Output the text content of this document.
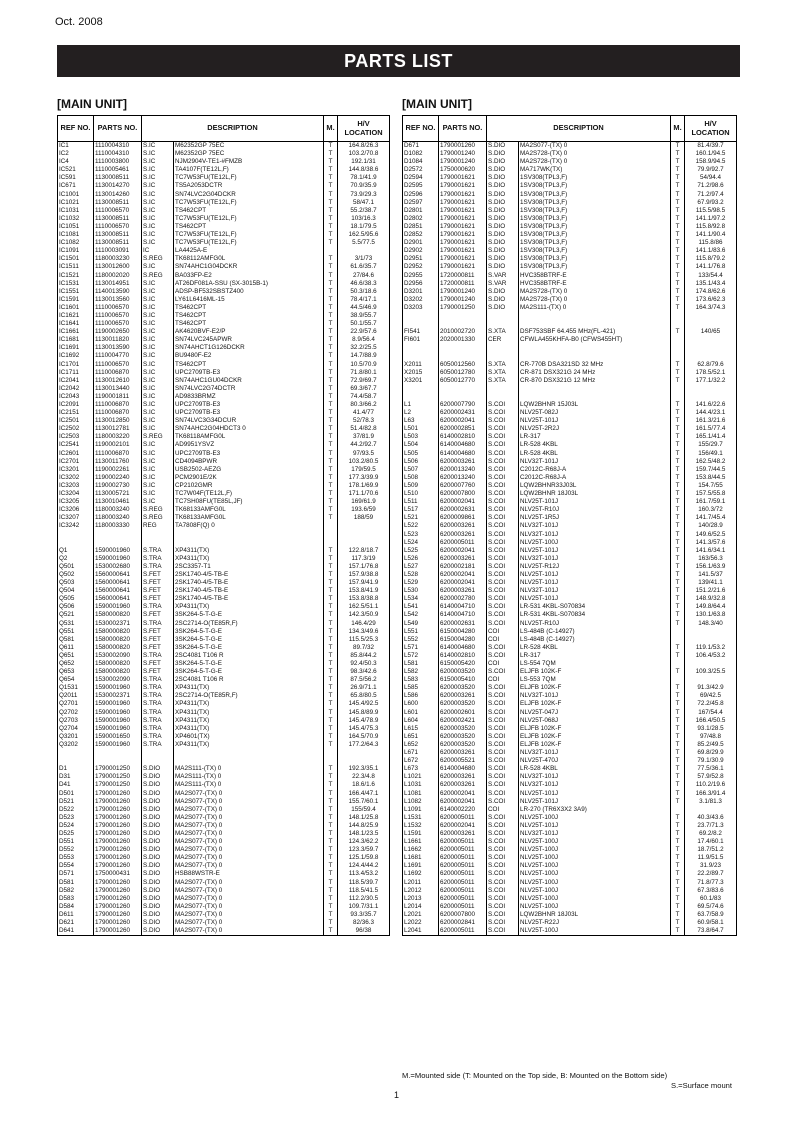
Oct. 2008
PARTS LIST
[MAIN UNIT]	[MAIN UNIT]
REF NO.	PARTS NO.	DESCRIPTION		M.	H/V LOCATION
IC1	1110004310	S.IC	M62352GP 75EC	T	164.8/26.3
IC2	1110004310	S.IC	M62352GP 75EC	T	103.2/70.8
IC4	1110003800	S.IC	NJM2904V-TE1-#FMZB	T	192.1/31
IC521	1110005461	S.IC	TA4107F(TE12L,F)	T	144.8/38.6
IC591	1130008511	S.IC	TC7W53FU(TE12L,F)	T	78.1/41.9
IC671	1130014270	S.IC	TS5A2053DCTR	T	70.9/35.9
IC1001	1130014260	S.IC	SN74LVC2G04DCKR	T	73.9/29.3
IC1021	1130008511	S.IC	TC7W53FU(TE12L,F)	T	58/47.1
IC1031	1110006570	S.IC	TS462CPT	T	55.2/38.7
IC1032	1130008511	S.IC	TC7W53FU(TE12L,F)	T	103/16.3
IC1051	1110006570	S.IC	TS462CPT	T	18.1/79.5
IC1081	1130008511	S.IC	TC7W53FU(TE12L,F)	T	162.5/95.6
IC1082	1130008511	S.IC	TC7W53FU(TE12L,F)	T	5.5/77.5
IC1091	1110003091	IC	LA4425A-E		
IC1501	1180003230	S.REG	TK68112AMFG0L	T	3/1/73
IC1511	1130012600	S.IC	SN74AHC1G04DCKR	T	61.6/35.7
IC1521	1180002020	S.REG	BA033FP-E2	T	27/84.6
IC1531	1130014951	S.IC	AT26DF081A-SSU (SX-3015B-1)	T	46.6/38.3
IC1551	1140013590	S.IC	ADSP-BF532SBSTZ400	T	50.3/18.6
IC1591	1130013560	S.IC	LY61L6416ML-15	T	78.4/17.1
IC1601	1110006570	S.IC	TS462CPT	T	44.5/46.9
IC1621	1110006570	S.IC	TS462CPT	T	38.9/55.7
IC1641	1110006570	S.IC	TS462CPT	T	50.1/55.7
IC1661	1190002650	S.IC	AK4620BVF-E2/P	T	22.9/57.6
IC1681	1130011820	S.IC	SN74LVC245APWR	T	8.9/56.4
IC1691	1130013590	S.IC	SN74AHCT1G126DCKR	T	32.2/25.5
IC1692	1110004770	S.IC	BU9480F-E2	T	14.7/88.9
IC1701	1110006570	S.IC	TS462CPT	T	10.5/70.9
IC1711	1110006870	S.IC	UPC2709TB-E3	T	71.8/80.1
IC2041	1130012610	S.IC	SN74AHC1GU04DCKR	T	72.9/69.7
IC2042	1130013440	S.IC	SN74LVC2G74DCTR	T	69.3/67.7
IC2043	1190001811	S.IC	AD9833BRMZ	T	74.4/58.7
IC2091	1110006870	S.IC	UPC2709TB-E3	T	80.3/66.2
IC2151	1110006870	S.IC	UPC2709TB-E3	T	41.4/77
IC2501	1130012850	S.IC	SN74LVC3G34DCUR	T	52/78.3
IC2502	1130012781	S.IC	SN74AHC2G04HDCT3 0	T	51.4/82.8
IC2503	1180003220	S.REG	TK68118AMFG0L	T	37/81.9
IC2541	1190002101	S.IC	AD9951YSVZ	T	44.2/92.7
IC2601	1110006870	S.IC	UPC2709TB-E3	T	97/93.5
IC2701	1130011760	S.IC	CD4094BPWR	T	103.2/80.5
IC3201	1190002261	S.IC	USB2502-AEZG	T	179/59.5
IC3202	1190002240	S.IC	PCM2901E/2K	T	177.3/39.9
IC3203	1190002730	S.IC	CP2102GMR	T	178.1/69.9
IC3204	1130005721	S.IC	TC7W04F(TE12L,F)	T	171.1/70.6
IC3205	1130010461	S.IC	TC7SH08FU(TE85L,JF)	T	169/61.9
IC3206	1180003240	S.REG	TK68133AMFG0L	T	193.6/59
IC3207	1180003240	S.REG	TK68133AMFG0L	T	188/59
IC3242	1180003330	REG	TA7808F(Q) 0		

Q1	1590001960	S.TRA	XP4311(TX)	T	122.8/18.7
Q2	1590001960	S.TRA	XP4311(TX)	T	117.3/19
Q501	1530002680	S.TRA	2SC3357-T1	T	157.1/76.8
Q502	1560000641	S.FET	2SK1740-4/5-TB-E	T	157.9/38.8
Q503	1560000641	S.FET	2SK1740-4/5-TB-E	T	157.9/41.9
Q504	1560000641	S.FET	2SK1740-4/5-TB-E	T	153.8/41.9
Q505	1560000641	S.FET	2SK1740-4/5-TB-E	T	153.8/38.8
Q506	1590001960	S.TRA	XP4311(TX)	T	162.5/51.1
Q521	1580000820	S.FET	3SK264-5-T-G-E	T	142.3/50.9
Q531	1530002371	S.TRA	2SC2714-O(TE85R,F)	T	146.4/29
Q551	1580000820	S.FET	3SK264-5-T-G-E	T	134.3/49.6
Q581	1580000820	S.FET	3SK264-5-T-G-E	T	115.5/25.3
Q611	1580000820	S.FET	3SK264-5-T-G-E	T	89.7/32
Q651	1530002090	S.TRA	2SC4081 T106 R	T	85.8/44.2
Q652	1580000820	S.FET	3SK264-5-T-G-E	T	92.4/50.3
Q653	1580000820	S.FET	3SK264-5-T-G-E	T	98.3/42.6
Q654	1530002090	S.TRA	2SC4081 T106 R	T	87.5/56.2
Q1531	1590001960	S.TRA	XP4311(TX)	T	26.9/71.1
Q2011	1530002371	S.TRA	2SC2714-O(TE85R,F)	T	65.8/80.5
Q2701	1590001960	S.TRA	XP4311(TX)	T	145.4/92.5
Q2702	1590001960	S.TRA	XP4311(TX)	T	145.8/89.9
Q2703	1590001960	S.TRA	XP4311(TX)	T	145.4/78.9
Q2704	1590001960	S.TRA	XP4311(TX)	T	145.4/75.3
Q3201	1590001650	S.TRA	XP4601(TX)	T	164.5/70.9
Q3202	1590001960	S.TRA	XP4311(TX)	T	177.2/64.3

D1	1790001250	S.DIO	MA2S111-(TX) 0	T	192.3/35.1
D31	1790001250	S.DIO	MA2S111-(TX) 0	T	22.3/4.8
D41	1790001250	S.DIO	MA2S111-(TX) 0	T	18.6/1.6
D501	1790001260	S.DIO	MA2S077-(TX) 0	T	166.4/47.1
D521	1790001260	S.DIO	MA2S077-(TX) 0	T	155.7/60.1
D522	1790001260	S.DIO	MA2S077-(TX) 0	T	155/59.4
D523	1790001260	S.DIO	MA2S077-(TX) 0	T	148.1/25.8
D524	1790001260	S.DIO	MA2S077-(TX) 0	T	144.8/25.9
D525	1790001260	S.DIO	MA2S077-(TX) 0	T	148.1/23.5
D551	1790001260	S.DIO	MA2S077-(TX) 0	T	124.3/62.2
D552	1790001260	S.DIO	MA2S077-(TX) 0	T	123.3/59.7
D553	1790001260	S.DIO	MA2S077-(TX) 0	T	125.1/59.8
D554	1790001260	S.DIO	MA2S077-(TX) 0	T	124.4/44.2
D571	1750000431	S.DIO	HSB88WSTR-E	T	113.4/53.2
D581	1790001260	S.DIO	MA2S077-(TX) 0	T	118.5/39.7
D582	1790001260	S.DIO	MA2S077-(TX) 0	T	118.5/41.5
D583	1790001260	S.DIO	MA2S077-(TX) 0	T	112.2/30.5
D584	1790001260	S.DIO	MA2S077-(TX) 0	T	109.7/31.1
D611	1790001260	S.DIO	MA2S077-(TX) 0	T	93.3/35.7
D621	1790001260	S.DIO	MA2S077-(TX) 0	T	82/36.3
D641	1790001260	S.DIO	MA2S077-(TX) 0	T	96/38
REF NO.	PARTS NO.	DESCRIPTION		M.	H/V LOCATION
D671	1790001260	S.DIO	MA2S077-(TX) 0	T	81.4/39.7
D1082	1790001240	S.DIO	MA2S728-(TX) 0	T	160.1/94.5
D1084	1790001240	S.DIO	MA2S728-(TX) 0	T	158.9/94.5
D2572	1750000620	S.DIO	MA717WK(TX)	T	79.9/92.7
D2594	1790001621	S.DIO	1SV308(TPL3,F)	T	54/94.4
D2595	1790001621	S.DIO	1SV308(TPL3,F)	T	71.2/98.6
D2596	1790001621	S.DIO	1SV308(TPL3,F)	T	71.2/97.4
D2597	1790001621	S.DIO	1SV308(TPL3,F)	T	67.9/93.2
D2801	1790001621	S.DIO	1SV308(TPL3,F)	T	115.5/98.5
D2802	1790001621	S.DIO	1SV308(TPL3,F)	T	141.1/97.2
D2851	1790001621	S.DIO	1SV308(TPL3,F)	T	115.8/92.8
D2852	1790001621	S.DIO	1SV308(TPL3,F)	T	141.1/90.4
D2901	1790001621	S.DIO	1SV308(TPL3,F)	T	115.8/86
D2902	1790001621	S.DIO	1SV308(TPL3,F)	T	141.1/83.6
D2951	1790001621	S.DIO	1SV308(TPL3,F)	T	115.8/79.2
D2952	1790001621	S.DIO	1SV308(TPL3,F)	T	141.1/76.8
D2955	1720000811	S.VAR	HVC358BTRF-E	T	133/54.4
D2956	1720000811	S.VAR	HVC358BTRF-E	T	135.1/43.4
D3201	1790001240	S.DIO	MA2S728-(TX) 0	T	174.8/62.6
D3202	1790001240	S.DIO	MA2S728-(TX) 0	T	173.6/62.3
D3203	1790001250	S.DIO	MA2S111-(TX) 0	T	164.3/74.3

FI541	2010002720	S.XTA	DSF753SBF 64.455 MHz(FL-421)	T	140/65
FI601	2020001330	CER	CFWLA455KHFA-B0 (CFWS455HT)		

X2011	6050012560	S.XTA	CR-770B DSA321SD 32 MHz	T	62.8/79.6
X2015	6050012780	S.XTA	CR-871 DSX321G 24 MHz	T	178.5/52.1
X3201	6050012770	S.XTA	CR-870 DSX321G 12 MHz	T	177.1/32.2

L1	6200007790	S.COI	LQW2BHNR 15J03L	T	141.6/22.6
L2	6200002431	S.COI	NLV25T-082J	T	144.4/23.1
L63	6200002041	S.COI	NLV25T-101J	T	161.3/21.6
L501	6200002851	S.COI	NLV25T-2R2J	T	161.5/77.4
L503	6140002810	S.COI	LR-317	T	165.1/41.4
L504	6140004680	S.COI	LR-528 4KBL	T	155/29.7
L505	6140004680	S.COI	LR-528 4KBL	T	156/49.1
L506	6200003261	S.COI	NLV32T-101J	T	162.5/48.2
L507	6200013240	S.COI	C2012C-R68J-A	T	159.7/44.5
L508	6200013240	S.COI	C2012C-R68J-A	T	153.8/44.5
L509	6200007760	S.COI	LQW2BHNR33J03L	T	154.7/55
L510	6200007800	S.COI	LQW2BHNR 18J03L	T	157.5/55.8
L511	6200002041	S.COI	NLV25T-101J	T	161.7/59.1
L517	6200002631	S.COI	NLV25T-R10J	T	160.3/72
L521	6200009861	S.COI	NLV25T-1R5J	T	141.7/45.4
L522	6200003261	S.COI	NLV32T-101J	T	140/28.9
L523	6200003261	S.COI	NLV32T-101J	T	149.6/52.5
L524	6200005011	S.COI	NLV25T-100J	T	141.3/57.6
L525	6200002041	S.COI	NLV25T-101J	T	141.6/34.1
L526	6200003261	S.COI	NLV32T-101J	T	163/56.3
L527	6200002181	S.COI	NLV25T-R12J	T	156.1/63.9
L528	6200002041	S.COI	NLV25T-101J	T	141.5/37
L529	6200002041	S.COI	NLV25T-101J	T	139/41.1
L530	6200003261	S.COI	NLV32T-101J	T	151.2/21.6
L534	6200002780	S.COI	NLV25T-101J	T	148.9/32.8
L541	6140004710	S.COI	LR-531 4KBL-S070834	T	149.8/64.4
L542	6140004710	S.COI	LR-531 4KBL-S070834	T	130.1/63.8
L549	6200002631	S.COI	NLV25T-R10J	T	148.3/40
L551	6150004280	COI	LS-484B (C-14927)		
L552	6150004280	COI	LS-484B (C-14927)		
L571	6140004680	S.COI	LR-528 4KBL	T	119.1/53.2
L572	6140002810	S.COI	LR-317	T	106.4/53.2
L581	6150005420	COI	LS-554 7QM		
L582	6200003520	S.COI	ELJFB 102K-F	T	109.3/25.5
L583	6150005410	COI	LS-553 7QM		
L585	6200003520	S.COI	ELJFB 102K-F	T	91.3/42.9
L586	6200003261	S.COI	NLV32T-101J	T	69/42.5
L600	6200003520	S.COI	ELJFB 102K-F	T	72.2/45.8
L601	6200002601	S.COI	NLV25T-047J	T	167/54.4
L604	6200002421	S.COI	NLV25T-068J	T	166.4/50.5
L615	6200003520	S.COI	ELJFB 102K-F	T	93.1/28.5
L651	6200003520	S.COI	ELJFB 102K-F	T	97/48.8
L652	6200003520	S.COI	ELJFB 102K-F	T	85.2/49.5
L671	6200003261	S.COI	NLV32T-101J	T	69.8/29.9
L672	6200005521	S.COI	NLV25T-470J	T	79.1/30.9
L673	6140004680	S.COI	LR-528 4KBL	T	77.5/36.1
L1021	6200003261	S.COI	NLV32T-101J	T	57.9/52.8
L1031	6200003261	S.COI	NLV32T-101J	T	110.2/19.6
L1081	6200002041	S.COI	NLV25T-101J	T	166.3/91.4
L1082	6200002041	S.COI	NLV25T-101J	T	3.1/81.3
L1091	6140002220	COI	LR-270 (TR6X3X2 3A9)		
L1531	6200005011	S.COI	NLV25T-100J	T	40.3/43.6
L1532	6200002041	S.COI	NLV25T-101J	T	23.7/71.3
L1591	6200003261	S.COI	NLV32T-101J	T	69.2/8.2
L1661	6200005011	S.COI	NLV25T-100J	T	17.4/60.1
L1662	6200005011	S.COI	NLV25T-100J	T	18.7/51.2
L1681	6200005011	S.COI	NLV25T-100J	T	11.9/51.5
L1691	6200005011	S.COI	NLV25T-100J	T	31.9/23
L1692	6200005011	S.COI	NLV25T-100J	T	22.2/89.7
L2011	6200005011	S.COI	NLV25T-100J	T	71.8/77.3
L2012	6200005011	S.COI	NLV25T-100J	T	67.3/83.6
L2013	6200005011	S.COI	NLV25T-100J	T	60.1/83
L2014	6200005011	S.COI	NLV25T-100J	T	69.5/74.6
L2021	6200007800	S.COI	LQW2BHNR 18J03L	T	63.7/58.9
L2022	6200002841	S.COI	NLV25T-R22J	T	60.9/58.1
L2041	6200005011	S.COI	NLV25T-100J	T	73.8/64.7
M.=Mounted side (T: Mounted on the Top side, B: Mounted on the Bottom side)
S.=Surface mount
1
